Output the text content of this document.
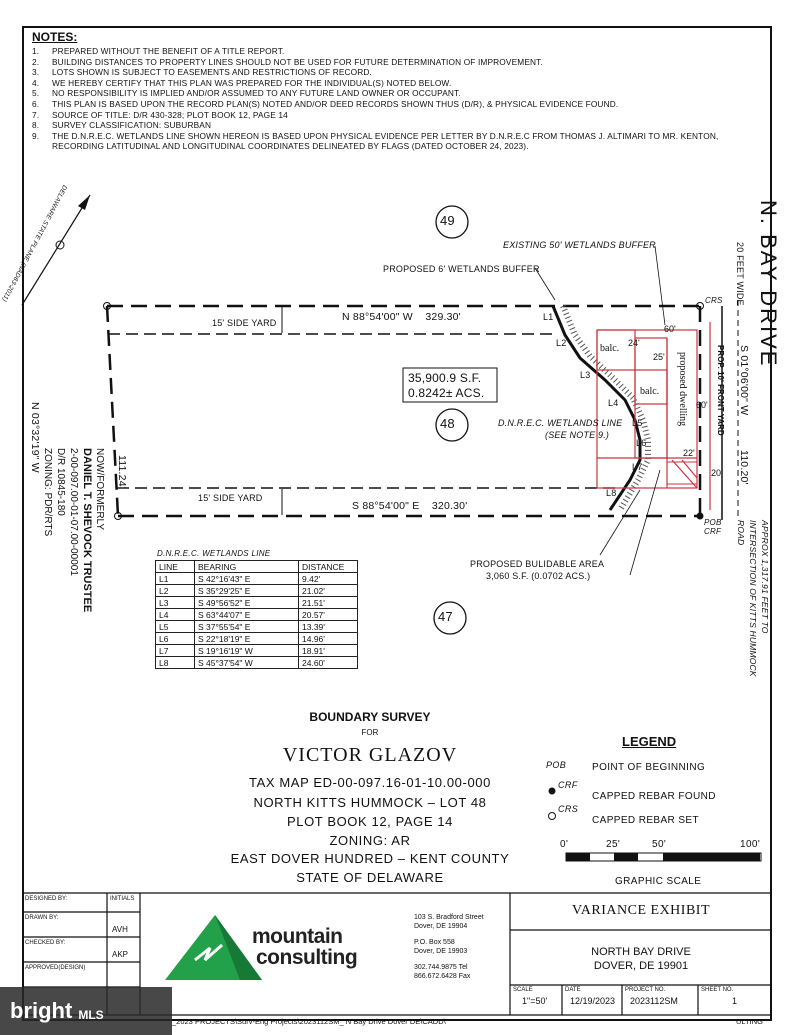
NOTES:
1. PREPARED WITHOUT THE BENEFIT OF A TITLE REPORT.
2. BUILDING DISTANCES TO PROPERTY LINES SHOULD NOT BE USED FOR FUTURE DETERMINATION OF IMPROVEMENT.
3. LOTS SHOWN IS SUBJECT TO EASEMENTS AND RESTRICTIONS OF RECORD.
4. WE HEREBY CERTIFY THAT THIS PLAN WAS PREPARED FOR THE INDIVIDUAL(S) NOTED BELOW.
5. NO RESPONSIBILITY IS IMPLIED AND/OR ASSUMED TO ANY FUTURE LAND OWNER OR OCCUPANT.
6. THIS PLAN IS BASED UPON THE RECORD PLAN(S) NOTED AND/OR DEED RECORDS SHOWN THUS (D/R), & PHYSICAL EVIDENCE FOUND.
7. SOURCE OF TITLE: D/R 430-328; PLOT BOOK 12, PAGE 14
8. SURVEY CLASSIFICATION: SUBURBAN
9. THE D.N.R.E.C. WETLANDS LINE SHOWN HEREON IS BASED UPON PHYSICAL EVIDENCE PER LETTER BY D.N.R.E.C FROM THOMAS J. ALTIMARI TO MR. KENTON,
RECORDING LATITUDINAL AND LONGITUDINAL COORDINATES DELINEATED BY FLAGS (DATED OCTOBER 24, 2023).
49
48
47
35,900.9 S.F.
0.8242± ACS.
N 88°54'00" W    329.30'
S 88°54'00" E    320.30'
15' SIDE YARD
15' SIDE YARD
N 03°32'19" W	111.24'
S 01°06'00" W
110.20'
N. BAY DRIVE
20 FEET WIDE
EXISTING 50' WETLANDS BUFFER
PROPOSED 6' WETLANDS BUFFER
D.N.R.E.C. WETLANDS LINE
(SEE NOTE 9.)
PROPOSED BULIDABLE AREA
3,060 S.F. (0.0702 ACS.)
balc.
balc. proposed dwelling	PROP. 10' FRONT YARD
24'
25'
60'
60'
22'
20'
CRS
POB
CRF	APPROX 1,317.91 FEET TO INTERSECTION OF KITTS HUMMOCK ROAD
DELAWARE STATE PLANE (NAD83-2011)
NOW/FORMERLY
DANIEL T. SHEVOCK TRUSTEE
2-00-097.00-01-07.00-00001
D/R 10845-180
ZONING: PDR/RTS
L1
L2
L3
L4
L5
L6
L7
L8
D.N.R.E.C. WETLANDS LINE
LINE	BEARING	DISTANCE
L1	S 42°16'43" E	9.42'
L2	S 35°29'25" E	21.02'
L3	S 49°56'52" E	21.51'
L4	S 63°44'07" E	20.57'
L5	S 37°55'54" E	13.39'
L6	S 22°18'19" E	14.96'
L7	S 19°16'19" W	18.91'
L8	S 45°37'54" W	24.60'
BOUNDARY SURVEY
FOR
VICTOR GLAZOV
TAX MAP ED-00-097.16-01-10.00-000
NORTH KITTS HUMMOCK – LOT 48
PLOT BOOK 12, PAGE 14
ZONING: AR
EAST DOVER HUNDRED – KENT COUNTY
STATE OF DELAWARE
LEGEND
POB	POINT OF BEGINNING
CRF
CAPPED REBAR FOUND
CRS
CAPPED REBAR SET
0'	25'	50'	100'
GRAPHIC SCALE
DESIGNED BY:	INITIALS
DRAWN BY:
AVH
CHECKED BY:
AKP
APPROVED(DESIGN)
mountain
consulting
103 S. Bradford Street
Dover, DE 19904
P.O. Box 558
Dover, DE 19903
302.744.9875 Tel
866.672.6428 Fax
VARIANCE EXHIBIT
NORTH BAY DRIVE
DOVER, DE 19901
SCALE
1"=50'
DATE
12/19/2023
PROJECT NO.
2023112SM
SHEET NO.
1
_2023 PROJECTS\Surv-Eng Projects\2023112SM_ N Bay Drive Dover DE\CADD\	ULTING
bright MLS
